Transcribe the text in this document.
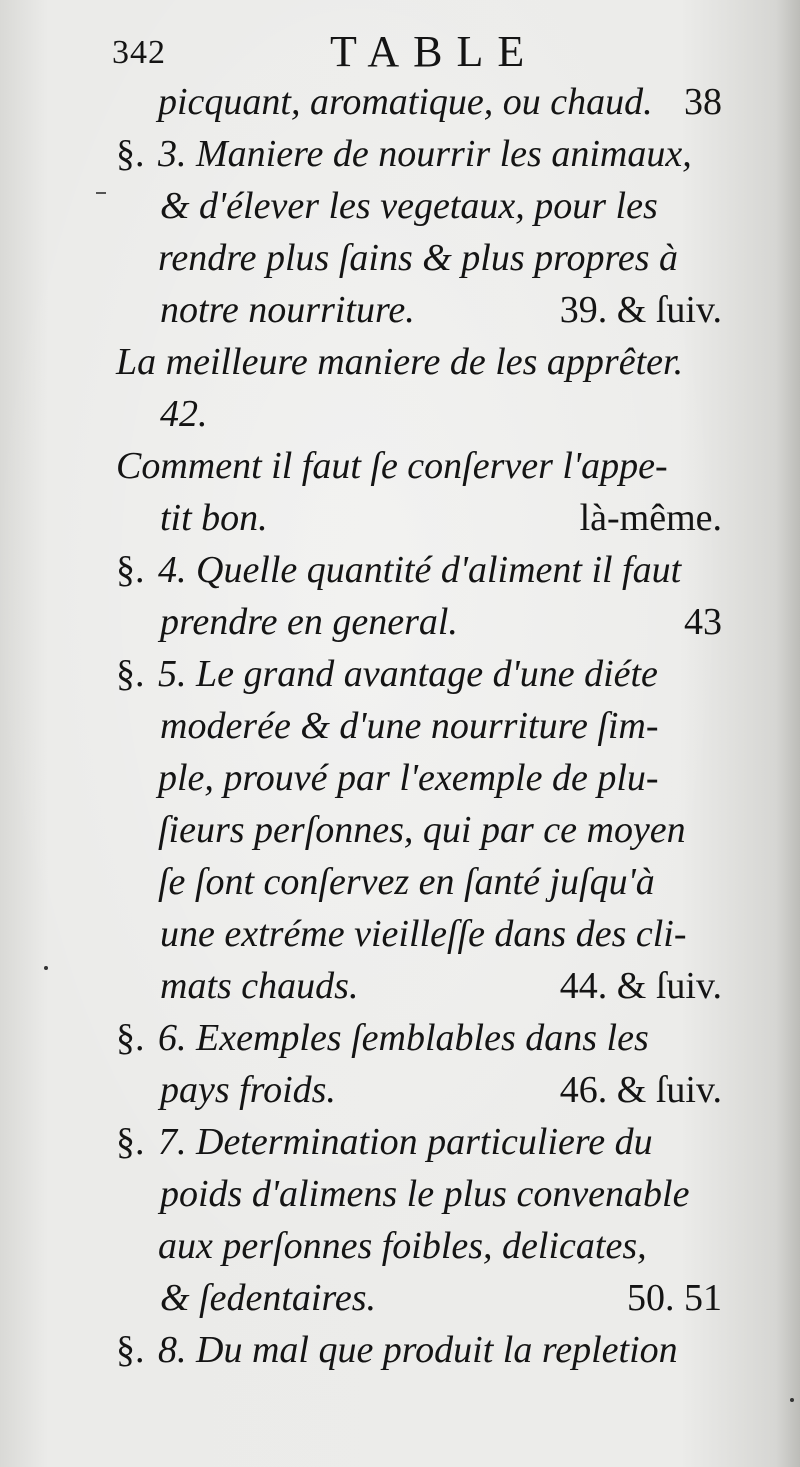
342	TABLE
picquant, aromatique, ou chaud. 38
§. 3. Maniere de nourrir les animaux,
& d'élever les vegetaux, pour les
rendre plus ſains & plus propres à
notre nourriture.	39. & ſuiv.
La meilleure maniere de les apprêter.
42.
Comment il faut ſe conſerver l'appe-
tit bon.	là-même.
§. 4. Quelle quantité d'aliment il faut
prendre en general.	43
§. 5. Le grand avantage d'une diéte
moderée & d'une nourriture ſim-
ple, prouvé par l'exemple de plu-
ſieurs perſonnes, qui par ce moyen
ſe ſont conſervez en ſanté juſqu'à
une extréme vieilleſſe dans des cli-
mats chauds.	44. & ſuiv.
§. 6. Exemples ſemblables dans les
pays froids.	46. & ſuiv.
§. 7. Determination particuliere du
poids d'alimens le plus convenable
aux perſonnes foibles, delicates,
& ſedentaires.	50. 51
§. 8. Du mal que produit la repletion
